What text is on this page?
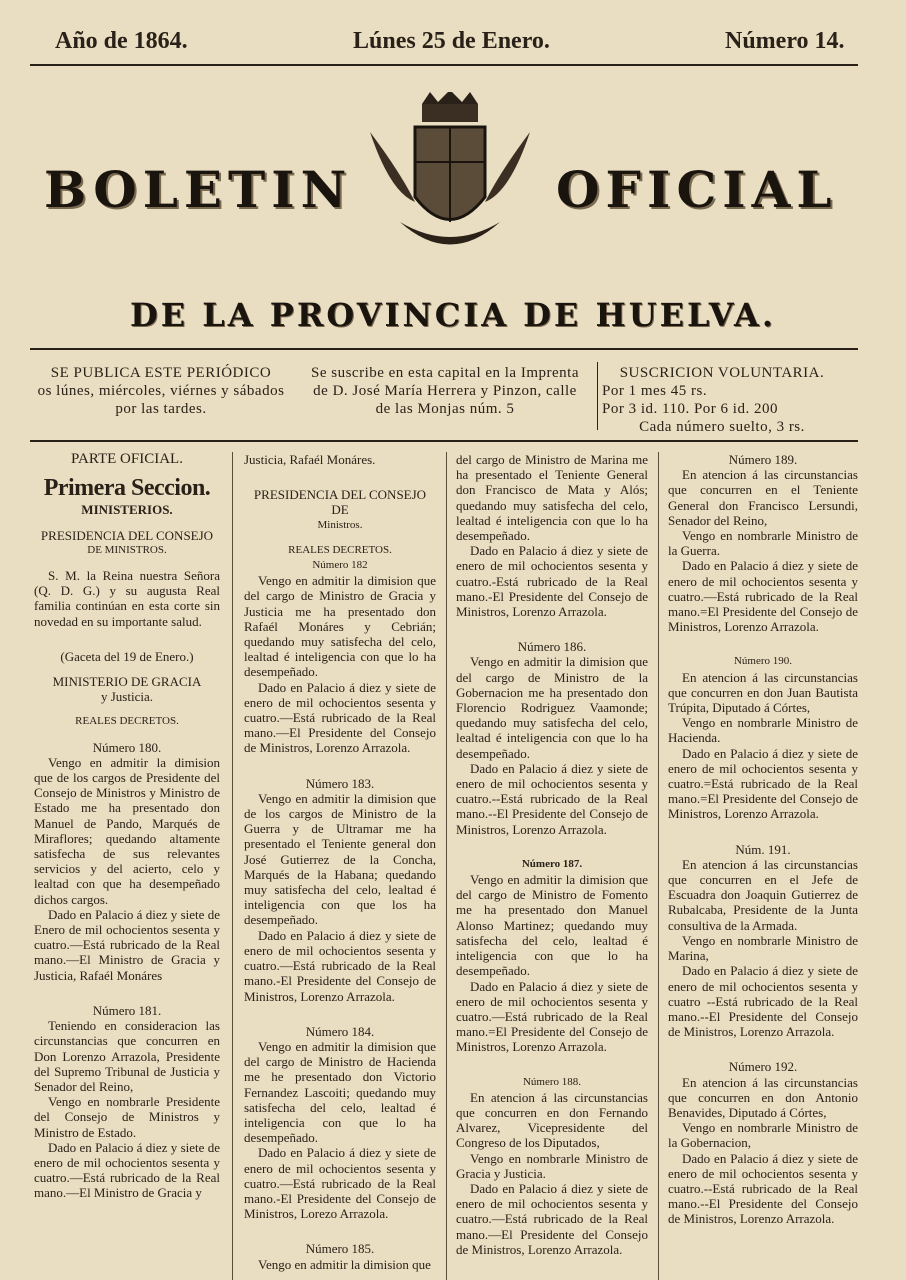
Año de 1864.	Lúnes 25 de Enero.	Número 14.
BOLETIN	OFICIAL
DE LA PROVINCIA DE HUELVA.
SE PUBLICA ESTE PERIÓDICO
os lúnes, miércoles, viérnes y sábados
por las tardes.
Se suscribe en esta capital en la Imprenta
de D. José María Herrera y Pinzon, calle
de las Monjas núm. 5
SUSCRICION VOLUNTARIA.
Por 1 mes 45 rs.
Por 3 id. 110. Por 6 id. 200
Cada número suelto, 3 rs.

PARTE OFICIAL.

Primera Seccion.

MINISTERIOS.

PRESIDENCIA DEL CONSEJO

DE MINISTROS.

S. M. la Reina nuestra Señora (Q. D. G.) y su augusta Real familia continúan en esta corte sin novedad en su importante salud.

(Gaceta del 19 de Enero.)

MINISTERIO DE GRACIA

y Justicia.

REALES DECRETOS.

Número 180.

Vengo en admitir la dimision que de los cargos de Presidente del Consejo de Ministros y Ministro de Estado me ha presentado don Manuel de Pando, Marqués de Miraflores; quedando altamente satisfecha de sus relevantes servicios y del acierto, celo y lealtad con que ha desempeñado dichos cargos.

Dado en Palacio á diez y siete de Enero de mil ochocientos sesenta y cuatro.—Está rubricado de la Real mano.—El Ministro de Gracia y Justicia, Rafaél Monáres

Número 181.

Teniendo en consideracion las circunstancias que concurren en Don Lorenzo Arrazola, Presidente del Supremo Tribunal de Justicia y Senador del Reino,

Vengo en nombrarle Presidente del Consejo de Ministros y Ministro de Estado.

Dado en Palacio á diez y siete de enero de mil ochocientos sesenta y cuatro.—Está rubricado de la Real mano.—El Ministro de Gracia y

Justicia, Rafaél Monáres.

PRESIDENCIA DEL CONSEJO DE

Ministros.

REALES DECRETOS.

Número 182

Vengo en admitir la dimision que del cargo de Ministro de Gracia y Justicia me ha presentado don Rafaél Monáres y Cebrián; quedando muy satisfecha del celo, lealtad é inteligencia con que lo ha desempeñado.

Dado en Palacio á diez y siete de enero de mil ochocientos sesenta y cuatro.—Está rubricado de la Real mano.—El Presidente del Consejo de Ministros, Lorenzo Arrazola.

Número 183.

Vengo en admitir la dimision que de los cargos de Ministro de la Guerra y de Ultramar me ha presentado el Teniente general don José Gutierrez de la Concha, Marqués de la Habana; quedando muy satisfecha del celo, lealtad é inteligencia con que los ha desempeñado.

Dado en Palacio á diez y siete de enero de mil ochocientos sesenta y cuatro.—Está rubricado de la Real mano.-El Presidente del Consejo de Ministros, Lorenzo Arrazola.

Número 184.

Vengo en admitir la dimision que del cargo de Ministro de Hacienda me he presentado don Victorio Fernandez Lascoiti; quedando muy satisfecha del celo, lealtad é inteligencia con que lo ha desempeñado.

Dado en Palacio á diez y siete de enero de mil ochocientos sesenta y cuatro.—Está rubricado de la Real mano.-El Presidente del Consejo de Ministros, Lorezo Arrazola.

Número 185.

Vengo en admitir la dimision que

del cargo de Ministro de Marina me ha presentado el Teniente General don Francisco de Mata y Alós; quedando muy satisfecha del celo, lealtad é inteligencia con que lo ha desempeñado.

Dado en Palacio á diez y siete de enero de mil ochocientos sesenta y cuatro.-Está rubricado de la Real mano.-El Presidente del Consejo de Ministros, Lorenzo Arrazola.

Número 186.

Vengo en admitir la dimision que del cargo de Ministro de la Gobernacion me ha presentado don Florencio Rodriguez Vaamonde; quedando muy satisfecha del celo, lealtad é inteligencia con que lo ha desempeñado.

Dado en Palacio á diez y siete de enero de mil ochocientos sesenta y cuatro.--Está rubricado de la Real mano.--El Presidente del Consejo de Ministros, Lorenzo Arrazola.

Número 187.

Vengo en admitir la dimision que del cargo de Ministro de Fomento me ha presentado don Manuel Alonso Martinez; quedando muy satisfecha del celo, lealtad é inteligencia con que lo ha desempeñado.

Dado en Palacio á diez y siete de enero de mil ochocientos sesenta y cuatro.—Está rubricado de la Real mano.=El Presidente del Consejo de Ministros, Lorenzo Arrazola.

Número 188.

En atencion á las circunstancias que concurren en don Fernando Alvarez, Vicepresidente del Congreso de los Diputados,

Vengo en nombrarle Ministro de Gracia y Justicia.

Dado en Palacio á diez y siete de enero de mil ochocientos sesenta y cuatro.—Está rubricado de la Real mano.—El Presidente del Consejo de Ministros, Lorenzo Arrazola.

Número 189.

En atencion á las circunstancias que concurren en el Teniente General don Francisco Lersundi, Senador del Reino,

Vengo en nombrarle Ministro de la Guerra.

Dado en Palacio á diez y siete de enero de mil ochocientos sesenta y cuatro.—Está rubricado de la Real mano.=El Presidente del Consejo de Ministros, Lorenzo Arrazola.

Número 190.

En atencion á las circunstancias que concurren en don Juan Bautista Trúpita, Diputado á Córtes,

Vengo en nombrarle Ministro de Hacienda.

Dado en Palacio á diez y siete de enero de mil ochocientos sesenta y cuatro.=Está rubricado de la Real mano.=El Presidente del Consejo de Ministros, Lorenzo Arrazola.

Núm. 191.

En atencion á las circunstancias que concurren en el Jefe de Escuadra don Joaquin Gutierrez de Rubalcaba, Presidente de la Junta consultiva de la Armada.

Vengo en nombrarle Ministro de Marina,

Dado en Palacio á diez y siete de enero de mil ochocientos sesenta y cuatro --Está rubricado de la Real mano.--El Presidente del Consejo de Ministros, Lorenzo Arrazola.

Número 192.

En atencion á las circunstancias que concurren en don Antonio Benavides, Diputado á Córtes,

Vengo en nombrarle Ministro de la Gobernacion,

Dado en Palacio á diez y siete de enero de mil ochocientos sesenta y cuatro.--Está rubricado de la Real mano.--El Presidente del Consejo de Ministros, Lorenzo Arrazola.
